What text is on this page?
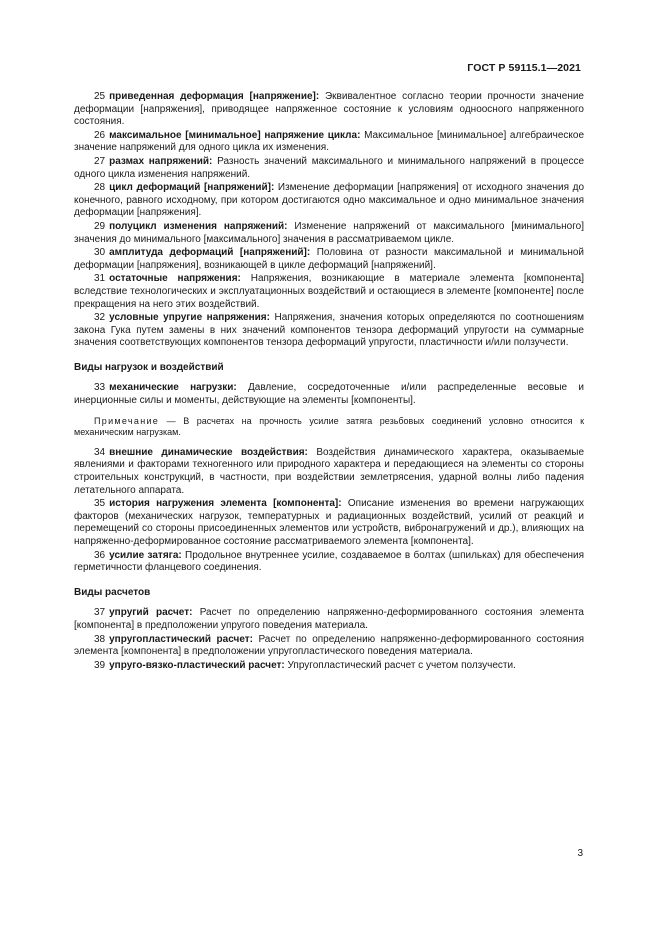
ГОСТ Р 59115.1—2021

25 приведенная деформация [напряжение]: Эквивалентное согласно теории прочности значение деформации [напряжения], приводящее напряженное состояние к условиям одноосного напряженного состояния.

26 максимальное [минимальное] напряжение цикла: Максимальное [минимальное] алгебраическое значение напряжений для одного цикла их изменения.

27 размах напряжений: Разность значений максимального и минимального напряжений в процессе одного цикла изменения напряжений.

28 цикл деформаций [напряжений]: Изменение деформации [напряжения] от исходного значения до конечного, равного исходному, при котором достигаются одно максимальное и одно минимальное значения деформации [напряжения].

29 полуцикл изменения напряжений: Изменение напряжений от максимального [минимального] значения до минимального [максимального] значения в рассматриваемом цикле.

30 амплитуда деформаций [напряжений]: Половина от разности максимальной и минимальной деформации [напряжения], возникающей в цикле деформаций [напряжений].

31 остаточные напряжения: Напряжения, возникающие в материале элемента [компонента] вследствие технологических и эксплуатационных воздействий и остающиеся в элементе [компоненте] после прекращения на него этих воздействий.

32 условные упругие напряжения: Напряжения, значения которых определяются по соотношениям закона Гука путем замены в них значений компонентов тензора деформаций упругости на суммарные значения соответствующих компонентов тензора деформаций упругости, пластичности и/или ползучести.

Виды нагрузок и воздействий

33 механические нагрузки: Давление, сосредоточенные и/или распределенные весовые и инерционные силы и моменты, действующие на элементы [компоненты].

Примечание — В расчетах на прочность усилие затяга резьбовых соединений условно относится к механическим нагрузкам.

34 внешние динамические воздействия: Воздействия динамического характера, оказываемые явлениями и факторами техногенного или природного характера и передающиеся на элементы со стороны строительных конструкций, в частности, при воздействии землетрясения, ударной волны либо падения летательного аппарата.

35 история нагружения элемента [компонента]: Описание изменения во времени нагружающих факторов (механических нагрузок, температурных и радиационных воздействий, усилий от реакций и перемещений со стороны присоединенных элементов или устройств, вибронагружений и др.), влияющих на напряженно-деформированное состояние рассматриваемого элемента [компонента].

36 усилие затяга: Продольное внутреннее усилие, создаваемое в болтах (шпильках) для обеспечения герметичности фланцевого соединения.

Виды расчетов

37 упругий расчет: Расчет по определению напряженно-деформированного состояния элемента [компонента] в предположении упругого поведения материала.

38 упругопластический расчет: Расчет по определению напряженно-деформированного состояния элемента [компонента] в предположении упругопластического поведения материала.

39 упруго-вязко-пластический расчет: Упругопластический расчет с учетом ползучести.

3
